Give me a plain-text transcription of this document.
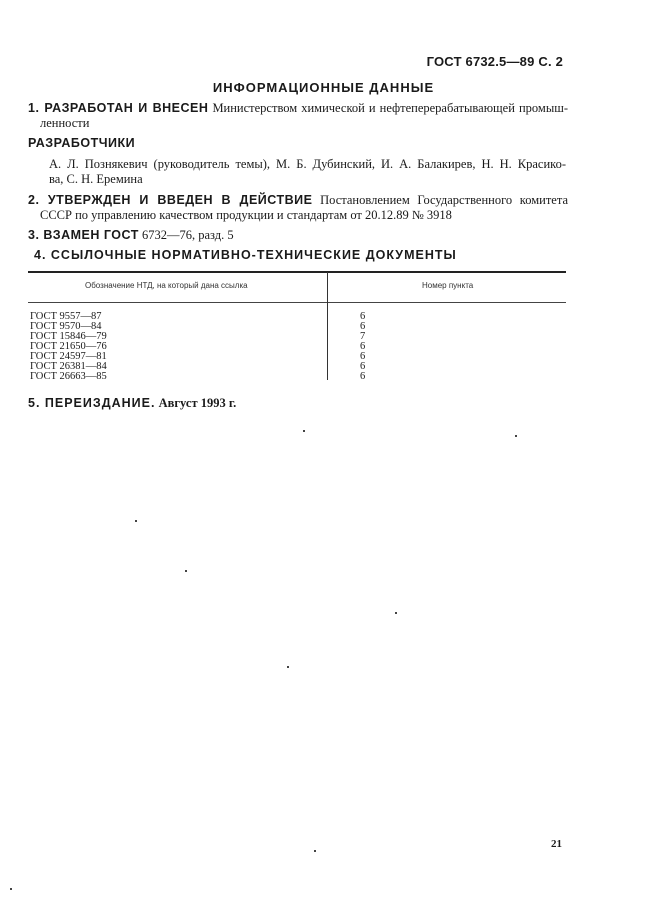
ГОСТ 6732.5—89 С. 2
ИНФОРМАЦИОННЫЕ ДАННЫЕ
1. РАЗРАБОТАН И ВНЕСЕН Министерством химической и нефтеперерабатывающей промыш-
ленности
РАЗРАБОТЧИКИ
А. Л. Познякевич (руководитель темы), М. Б. Дубинский, И. А. Балакирев, Н. Н. Красико-
ва, С. Н. Еремина
2. УТВЕРЖДЕН И ВВЕДЕН В ДЕЙСТВИЕ Постановлением Государственного комитета
СССР по управлению качеством продукции и стандартам от 20.12.89 № 3918
3. ВЗАМЕН ГОСТ 6732—76, разд. 5
4. ССЫЛОЧНЫЕ НОРМАТИВНО-ТЕХНИЧЕСКИЕ ДОКУМЕНТЫ
Обозначение НТД, на который дана ссылка	Номер пункта
ГОСТ 9557—87
ГОСТ 9570—84
ГОСТ 15846—79
ГОСТ 21650—76
ГОСТ 24597—81
ГОСТ 26381—84
ГОСТ 26663—85
6
6
7
6
6
6
6
5. ПЕРЕИЗДАНИЕ. Август 1993 г.
21
